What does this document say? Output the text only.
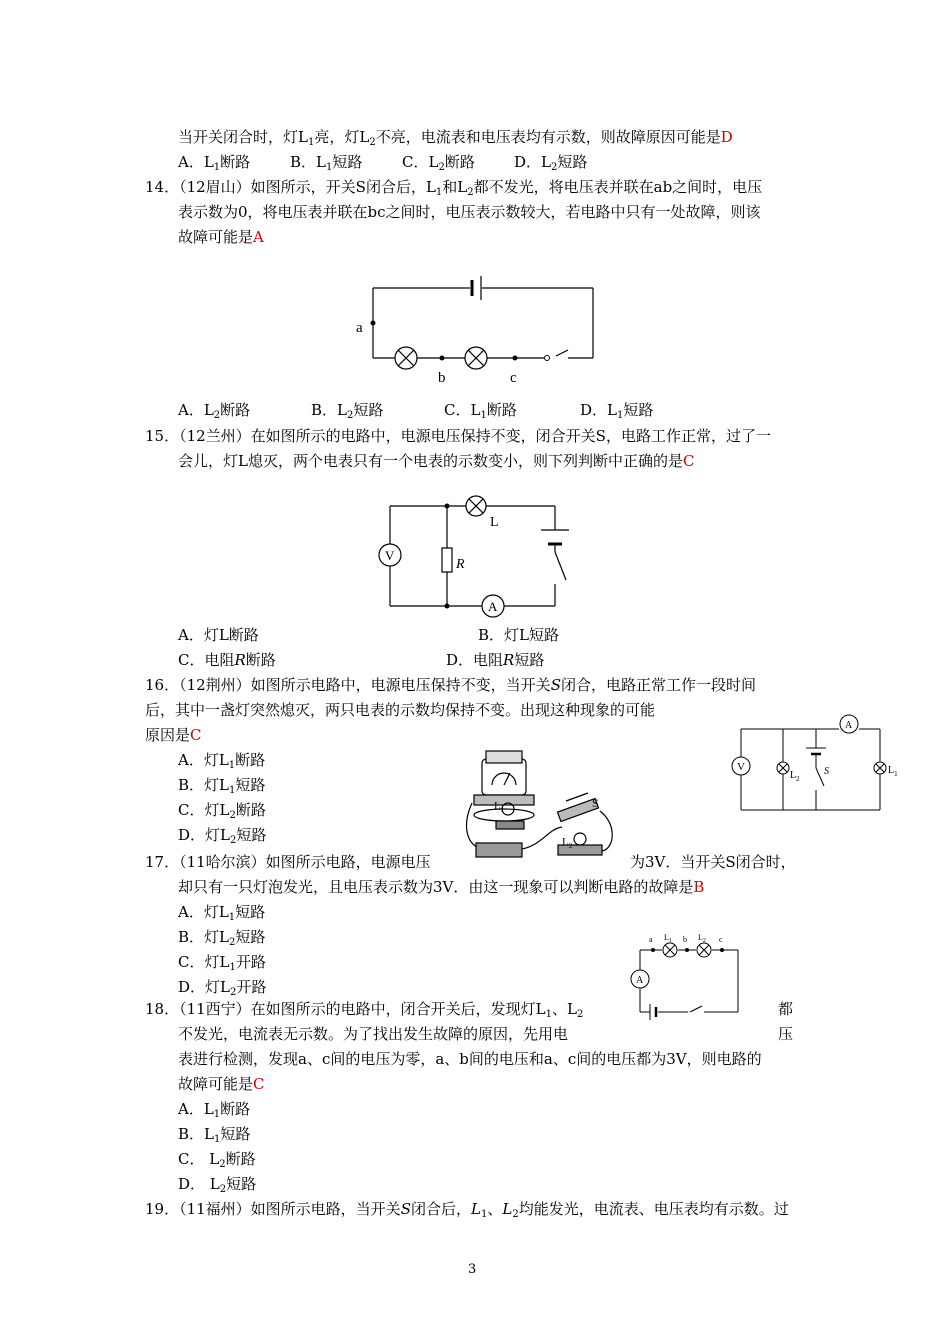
当开关闭合时，灯$L_1$亮，灯$L_2$不亮，电流表和电压表均有示数，则故障原因可能是D
A．$L_1$断路	B．$L_1$短路	C．$L_2$断路	D．$L_2$短路
14．（12眉山）如图所示，开关S闭合后，$L_1$和$L_2$都不发光，将电压表并联在ab之间时，电压
表示数为0，将电压表并联在bc之间时，电压表示数较大，若电路中只有一处故障，则该
故障可能是A
a
b	c
A．$L_2$断路	B．$L_2$短路	C．$L_1$断路	D．$L_1$短路
15．（12兰州）在如图所示的电路中，电源电压保持不变，闭合开关S，电路工作正常，过了一
会儿，灯L熄灭，两个电表只有一个电表的示数变小，则下列判断中正确的是C
V
A
L
R
A．灯L断路	B．灯L短路
C．电阻R断路	D．电阻R短路
16．（12荆州）如图所示电路中，电源电压保持不变，当开关S闭合，电路正常工作一段时间
后，其中一盏灯突然熄灭，两只电表的示数均保持不变。出现这种现象的可能
原因是C
V
A
$L_2$
$L_1$
S
A．灯$L_1$断路
B．灯$L_1$短路
C．灯$L_2$断路
D．灯$L_2$短路
$L_1$
$L_2$
S
17．（11哈尔滨）如图所示电路，电源电压	为3V．当开关S闭合时，
却只有一只灯泡发光，且电压表示数为3V．由这一现象可以判断电路的故障是B
A．灯$L_1$短路
B．灯$L_2$短路
C．灯$L_1$开路
D．灯$L_2$开路	A
a	b	c
$L_1$	$L_2$
18．（11西宁）在如图所示的电路中，闭合开关后，发现灯$L_1$、$L_2$	都
不发光，电流表无示数。为了找出发生故障的原因，先用电	压
表进行检测，发现a、c间的电压为零，a、b间的电压和a、c间的电压都为3V，则电路的
故障可能是C
A．$L_1$断路
B．$L_1$短路
C． $L_2$断路
D． $L_2$短路
19．（11福州）如图所示电路，当开关S闭合后，$L_1$、$L_2$均能发光，电流表、电压表均有示数。过
3
